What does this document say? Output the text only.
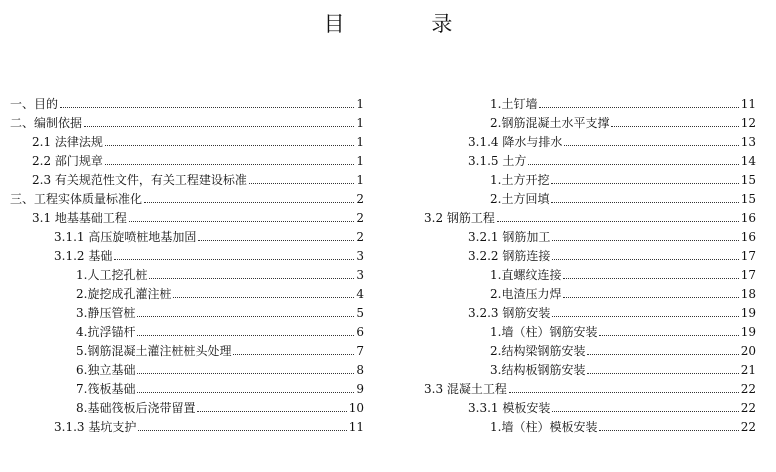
目 录
一、目的	1
二、编制依据	1
2.1 法律法规	1
2.2 部门规章	1
2.3 有关规范性文件，有关工程建设标准	1
三、工程实体质量标准化	2
3.1 地基基础工程	2
3.1.1 高压旋喷桩地基加固	2
3.1.2 基础	3
1.人工挖孔桩	3
2.旋挖成孔灌注桩	4
3.静压管桩	5
4.抗浮锚杆	6
5.钢筋混凝土灌注桩桩头处理	7
6.独立基础	8
7.筏板基础	9
8.基础筏板后浇带留置	10
3.1.3 基坑支护	11
1.土钉墙	11
2.钢筋混凝土水平支撑	12
3.1.4 降水与排水	13
3.1.5 土方	14
1.土方开挖	15
2.土方回填	15
3.2 钢筋工程	16
3.2.1 钢筋加工	16
3.2.2 钢筋连接	17
1.直螺纹连接	17
2.电渣压力焊	18
3.2.3 钢筋安装	19
1.墙（柱）钢筋安装	19
2.结构梁钢筋安装	20
3.结构板钢筋安装	21
3.3 混凝土工程	22
3.3.1 模板安装	22
1.墙（柱）模板安装	22
